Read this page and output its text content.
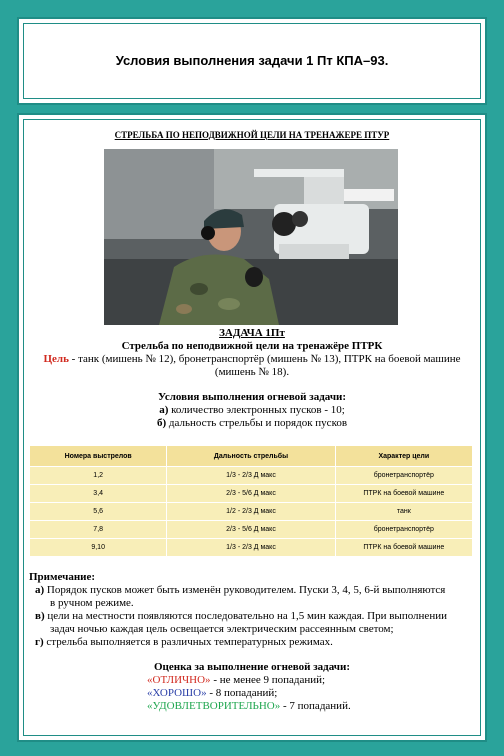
Условия выполнения задачи 1 Пт КПА–93.
СТРЕЛЬБА ПО НЕПОДВИЖНОЙ ЦЕЛИ НА ТРЕНАЖЕРЕ ПТУР
ЗАДАЧА 1Пт
Стрельба по неподвижной цели на тренажёре ПТРК
Цель - танк (мишень № 12), бронетранспортёр (мишень № 13), ПТРК на боевой машине
(мишень № 18).
Условия выполнения огневой задачи:
а) количество электронных пусков - 10;
б) дальность стрельбы и порядок пусков
Номера выстрелов	Дальность стрельбы	Характер цели
1,2	1/3 - 2/3 Д макс	бронетранспортёр
3,4	2/3 - 5/6 Д макс	ПТРК на боевой машине
5,6	1/2 - 2/3 Д макс	танк
7,8	2/3 - 5/6 Д макс	бронетранспортёр
9,10	1/3 - 2/3 Д макс	ПТРК на боевой машине
Примечание:
а) Порядок пусков может быть изменён руководителем. Пуски 3, 4, 5, 6-й выполняются
в ручном режиме.
в) цели на местности появляются последовательно на 1,5 мин каждая. При выполнении
задач ночью каждая цель освещается электрическим рассеянным светом;
г) стрельба выполняется в различных температурных режимах.
Оценка за выполнение огневой задачи:
«ОТЛИЧНО» - не менее 9 попаданий;
«ХОРОШО» - 8 попаданий;
«УДОВЛЕТВОРИТЕЛЬНО» - 7 попаданий.
